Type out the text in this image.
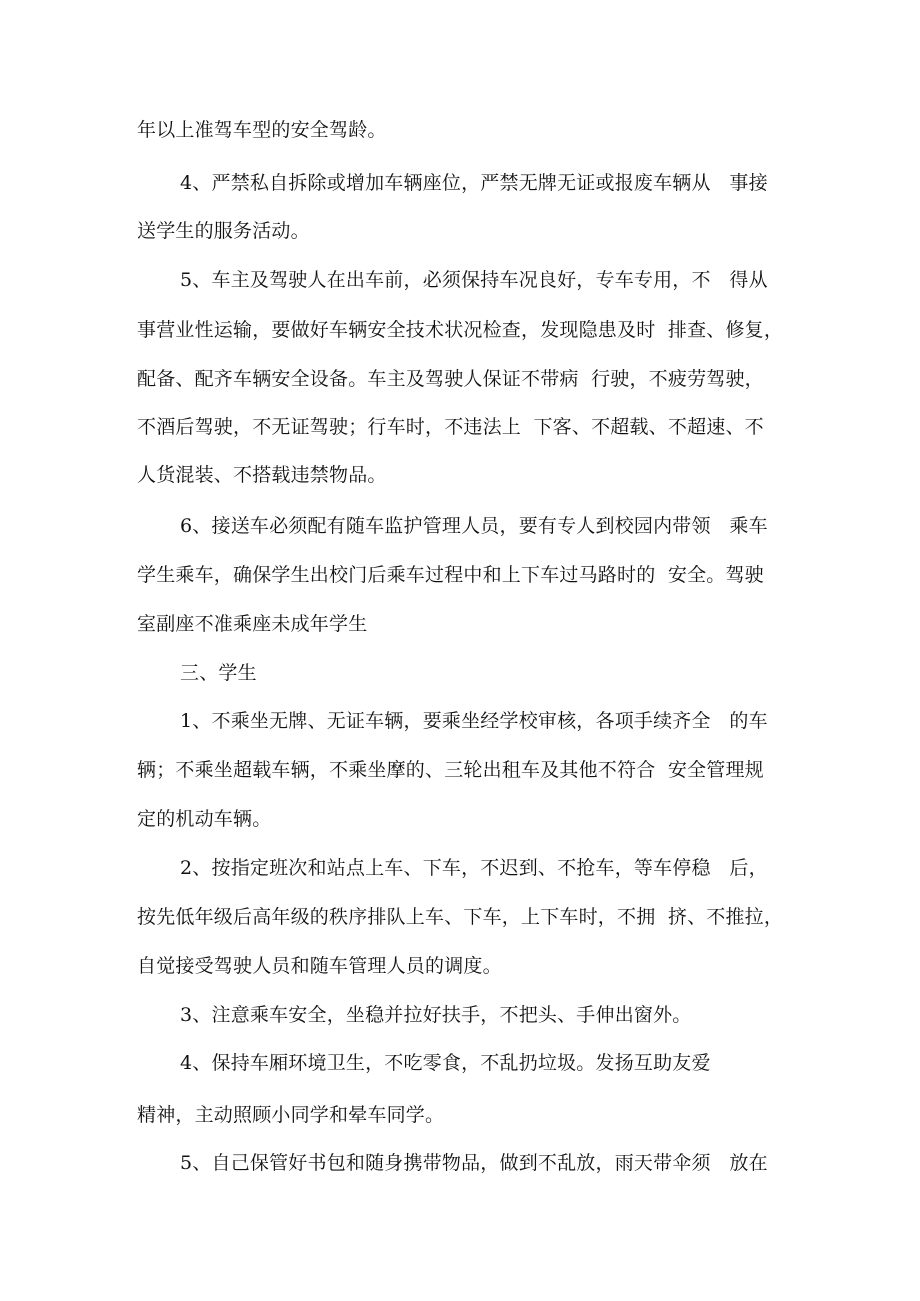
年以上准驾车型的安全驾龄。
4、严禁私自拆除或增加车辆座位，严禁无牌无证或报废车辆从   事接
送学生的服务活动。
5、车主及驾驶人在出车前，必须保持车况良好，专车专用，不   得从
事营业性运输，要做好车辆安全技术状况检查，发现隐患及时  排查、修复，
配备、配齐车辆安全设备。车主及驾驶人保证不带病  行驶，不疲劳驾驶，
不酒后驾驶，不无证驾驶；行车时，不违法上  下客、不超载、不超速、不
人货混装、不搭载违禁物品。
6、接送车必须配有随车监护管理人员，要有专人到校园内带领   乘车
学生乘车，确保学生出校门后乘车过程中和上下车过马路时的  安全。驾驶
室副座不准乘座未成年学生
三、学生
1、不乘坐无牌、无证车辆，要乘坐经学校审核，各项手续齐全   的车
辆；不乘坐超载车辆，不乘坐摩的、三轮出租车及其他不符合  安全管理规
定的机动车辆。
2、按指定班次和站点上车、下车，不迟到、不抢车，等车停稳   后，
按先低年级后高年级的秩序排队上车、下车，上下车时，不拥  挤、不推拉，
自觉接受驾驶人员和随车管理人员的调度。
3、注意乘车安全，坐稳并拉好扶手，不把头、手伸出窗外。
4、保持车厢环境卫生，不吃零食，不乱扔垃圾。发扬互助友爱
精神，主动照顾小同学和晕车同学。
5、自己保管好书包和随身携带物品，做到不乱放，雨天带伞须   放在
